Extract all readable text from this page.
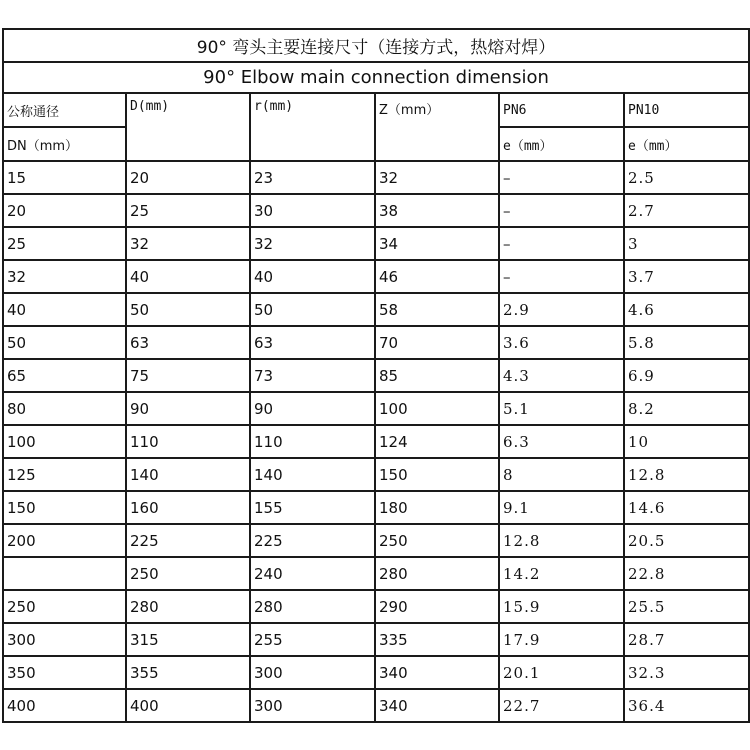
90° 弯头主要连接尺寸（连接方式，热熔对焊）					
90° Elbow main connection dimension					
公称通径	D(mm)	r(mm)	Z（mm）	PN6	PN10
DN（mm）				e（mm）	e（mm）
15	20	23	32	–	2.5
20	25	30	38	–	2.7
25	32	32	34	–	3
32	40	40	46	–	3.7
40	50	50	58	2.9	4.6
50	63	63	70	3.6	5.8
65	75	73	85	4.3	6.9
80	90	90	100	5.1	8.2
100	110	110	124	6.3	10
125	140	140	150	8	12.8
150	160	155	180	9.1	14.6
200	225	225	250	12.8	20.5
	250	240	280	14.2	22.8
250	280	280	290	15.9	25.5
300	315	255	335	17.9	28.7
350	355	300	340	20.1	32.3
400	400	300	340	22.7	36.4
